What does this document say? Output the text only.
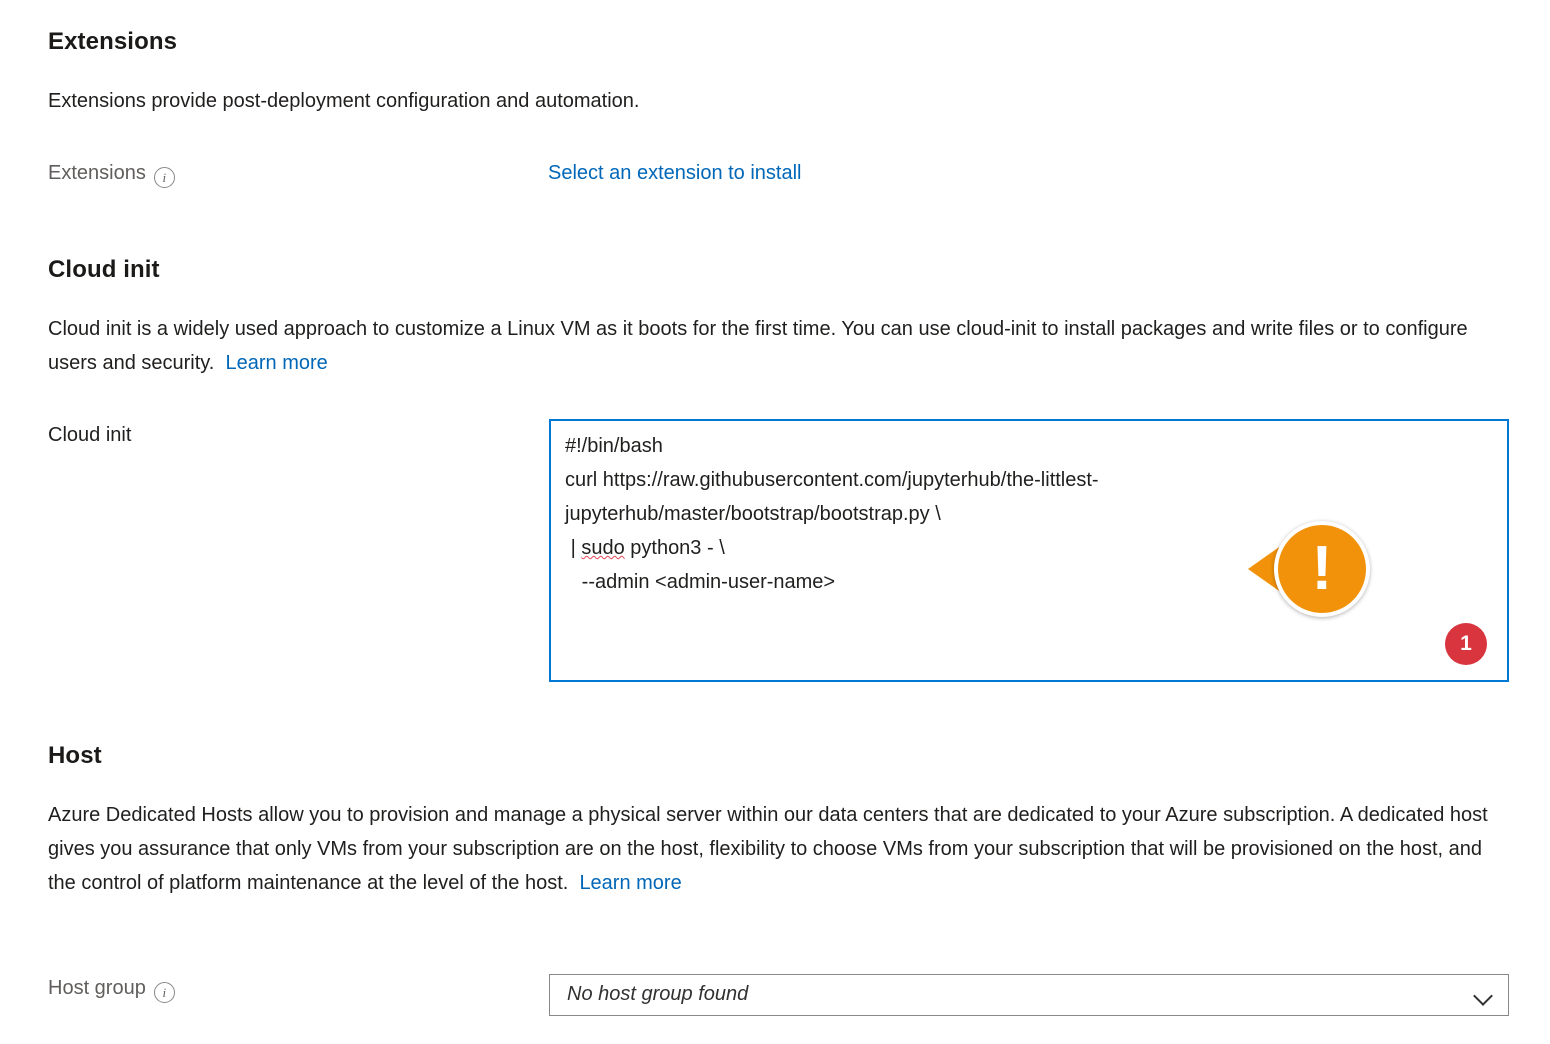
Extensions
Extensions provide post-deployment configuration and automation.
Extensions i	Select an extension to install
Cloud init
Cloud init is a widely used approach to customize a Linux VM as it boots for the first time. You can use cloud-init to install packages and write files or to configure users and security. Learn more
Cloud init	#!/bin/bash
curl https://raw.githubusercontent.com/jupyterhub/the-littlest-jupyterhub/master/bootstrap/bootstrap.py \
| sudo python3 - \
--admin <admin-user-name>
!
1
Host
Azure Dedicated Hosts allow you to provision and manage a physical server within our data centers that are dedicated to your Azure subscription. A dedicated host gives you assurance that only VMs from your subscription are on the host, flexibility to choose VMs from your subscription that will be provisioned on the host, and the control of platform maintenance at the level of the host. Learn more
Host group i	No host group found
